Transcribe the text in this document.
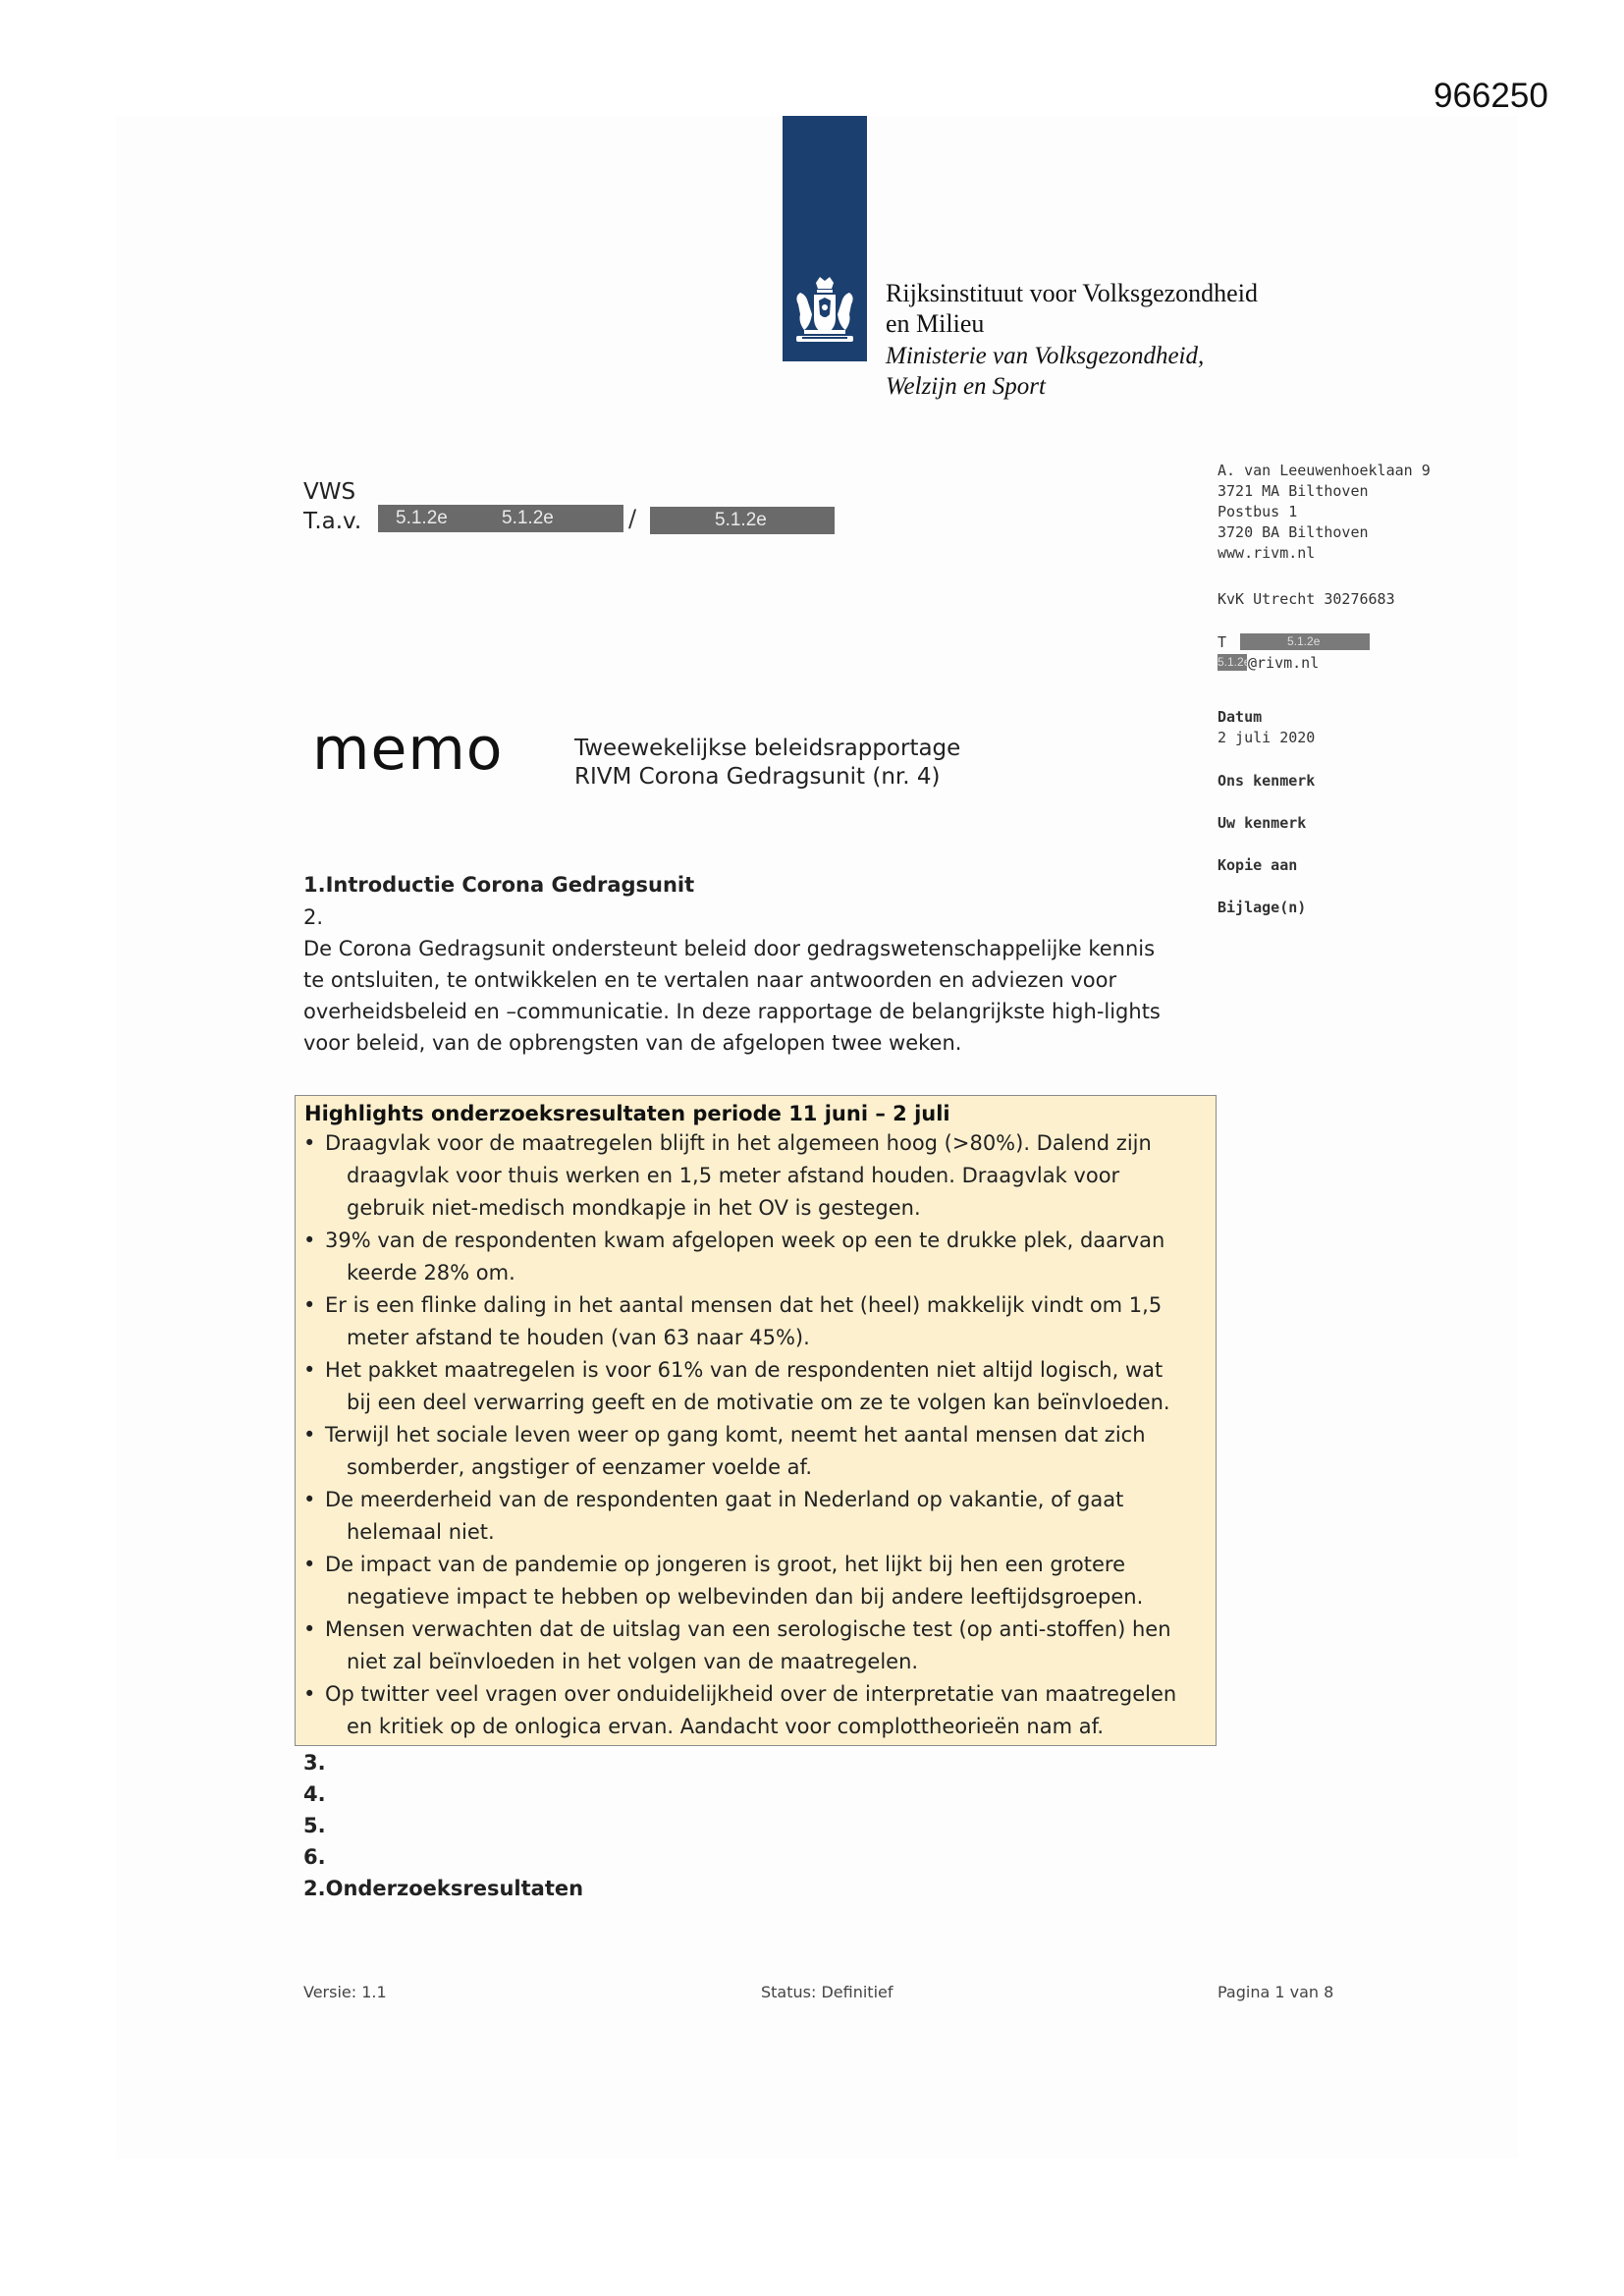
966250
Rijksinstituut voor Volksgezondheid
en Milieu
Ministerie van Volksgezondheid,
Welzijn en Sport
VWS
T.a.v. 5.1.2e	5.1.2e	/	5.1.2e
A. van Leeuwenhoeklaan 9
3721 MA Bilthoven
Postbus 1
3720 BA Bilthoven
www.rivm.nl
KvK Utrecht 30276683
T	5.1.2e
5.1.2e
@rivm.nl
Datum
2 juli 2020
Ons kenmerk
Uw kenmerk
Kopie aan
Bijlage(n)
memo	Tweewekelijkse beleidsrapportage
RIVM Corona Gedragsunit (nr. 4)
1.Introductie Corona Gedragsunit
2.
De Corona Gedragsunit ondersteunt beleid door gedragswetenschappelijke kennis
te ontsluiten, te ontwikkelen en te vertalen naar antwoorden en adviezen voor
overheidsbeleid en –communicatie. In deze rapportage de belangrijkste high-lights
voor beleid, van de opbrengsten van de afgelopen twee weken.
Highlights onderzoeksresultaten periode 11 juni – 2 juli
• Draagvlak voor de maatregelen blijft in het algemeen hoog (>80%). Dalend zijn
draagvlak voor thuis werken en 1,5 meter afstand houden. Draagvlak voor
gebruik niet-medisch mondkapje in het OV is gestegen.
• 39% van de respondenten kwam afgelopen week op een te drukke plek, daarvan
keerde 28% om.
• Er is een flinke daling in het aantal mensen dat het (heel) makkelijk vindt om 1,5
meter afstand te houden (van 63 naar 45%).
• Het pakket maatregelen is voor 61% van de respondenten niet altijd logisch, wat
bij een deel verwarring geeft en de motivatie om ze te volgen kan beïnvloeden.
• Terwijl het sociale leven weer op gang komt, neemt het aantal mensen dat zich
somberder, angstiger of eenzamer voelde af.
• De meerderheid van de respondenten gaat in Nederland op vakantie, of gaat
helemaal niet.
• De impact van de pandemie op jongeren is groot, het lijkt bij hen een grotere
negatieve impact te hebben op welbevinden dan bij andere leeftijdsgroepen.
• Mensen verwachten dat de uitslag van een serologische test (op anti-stoffen) hen
niet zal beïnvloeden in het volgen van de maatregelen.
• Op twitter veel vragen over onduidelijkheid over de interpretatie van maatregelen
en kritiek op de onlogica ervan. Aandacht voor complottheorieën nam af.
3.
4.
5.
6.
2.Onderzoeksresultaten
Versie: 1.1	Status: Definitief	Pagina 1 van 8
